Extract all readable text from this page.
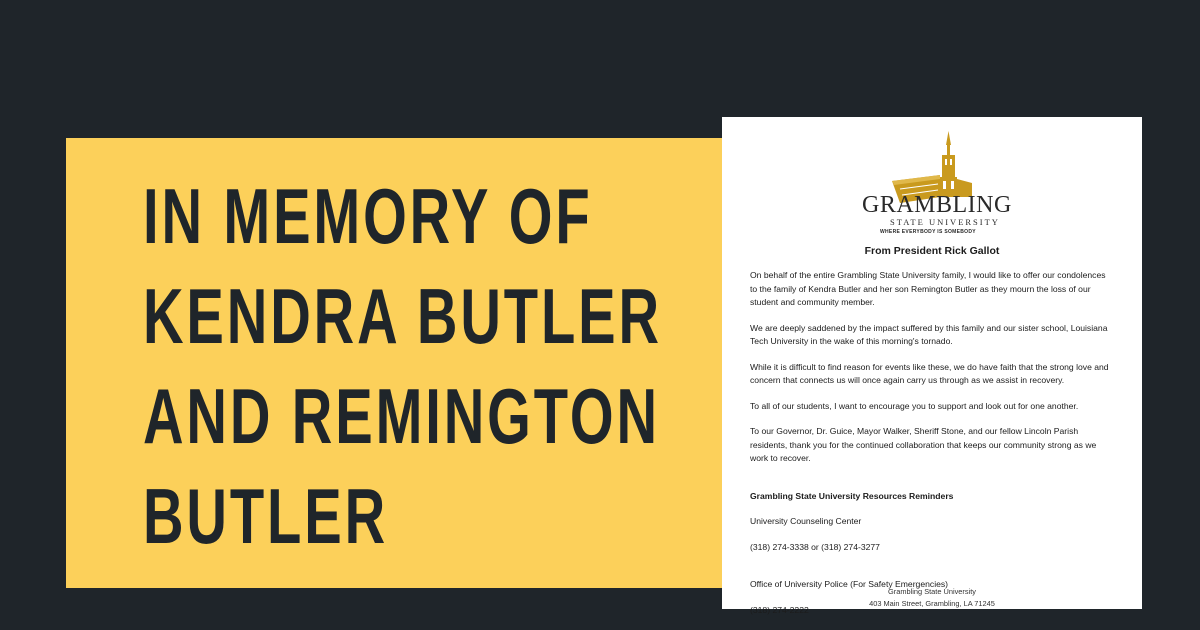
IN MEMORY OF
KENDRA BUTLER
AND REMINGTON
BUTLER
GRAMBLING
STATE UNIVERSITY
WHERE EVERYBODY IS SOMEBODY
From President Rick Gallot

On behalf of the entire Grambling State University family, I would like to offer our condolences to the family of Kendra Butler and her son Remington Butler as they mourn the loss of our student and community member.

We are deeply saddened by the impact suffered by this family and our sister school, Louisiana Tech University in the wake of this morning's tornado.

While it is difficult to find reason for events like these, we do have faith that the strong love and concern that connects us will once again carry us through as we assist in recovery.

To all of our students, I want to encourage you to support and look out for one another.

To our Governor, Dr. Guice, Mayor Walker, Sheriff Stone, and our fellow Lincoln Parish residents, thank you for the continued collaboration that keeps our community strong as we work to recover.

Grambling State University Resources Reminders

University Counseling Center

(318) 274-3338 or (318) 274-3277

Office of University Police (For Safety Emergencies)

(318) 274-2222

Grambling State University
403 Main Street, Grambling, LA 71245
